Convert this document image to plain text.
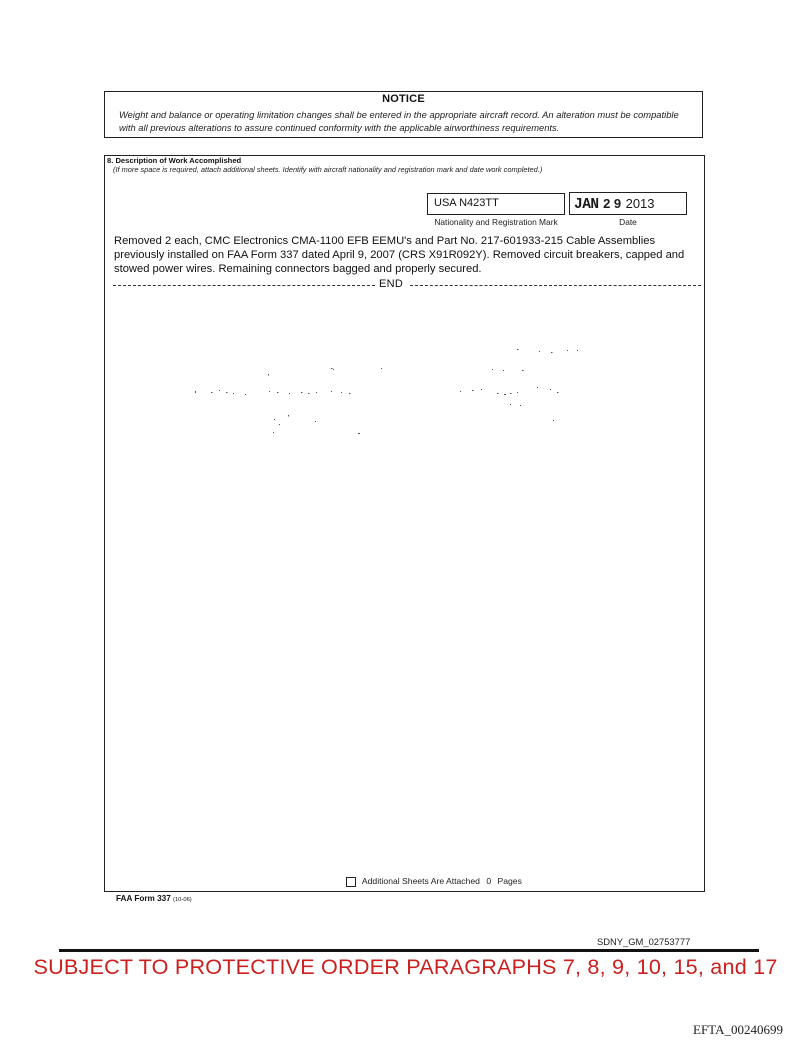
NOTICE
Weight and balance or operating limitation changes shall be entered in the appropriate aircraft record. An alteration must be compatible with all previous alterations to assure continued conformity with the applicable airworthiness requirements.
8. Description of Work Accomplished
(If more space is required, attach additional sheets. Identify with aircraft nationality and registration mark and date work completed.)
USA N423TT
Nationality and Registration Mark
JAN 2 9 2013
Date
Removed 2 each, CMC Electronics CMA-1100 EFB EEMU's and Part No. 217-601933-215 Cable Assemblies
previously installed on FAA Form 337 dated April 9, 2007 (CRS X91R092Y). Removed circuit breakers, capped and
stowed power wires. Remaining connectors bagged and properly secured.
END
Additional Sheets Are Attached 0 Pages
FAA Form 337 (10-06)
SDNY_GM_02753777
SUBJECT TO PROTECTIVE ORDER PARAGRAPHS 7, 8, 9, 10, 15, and 17
EFTA_00240699
